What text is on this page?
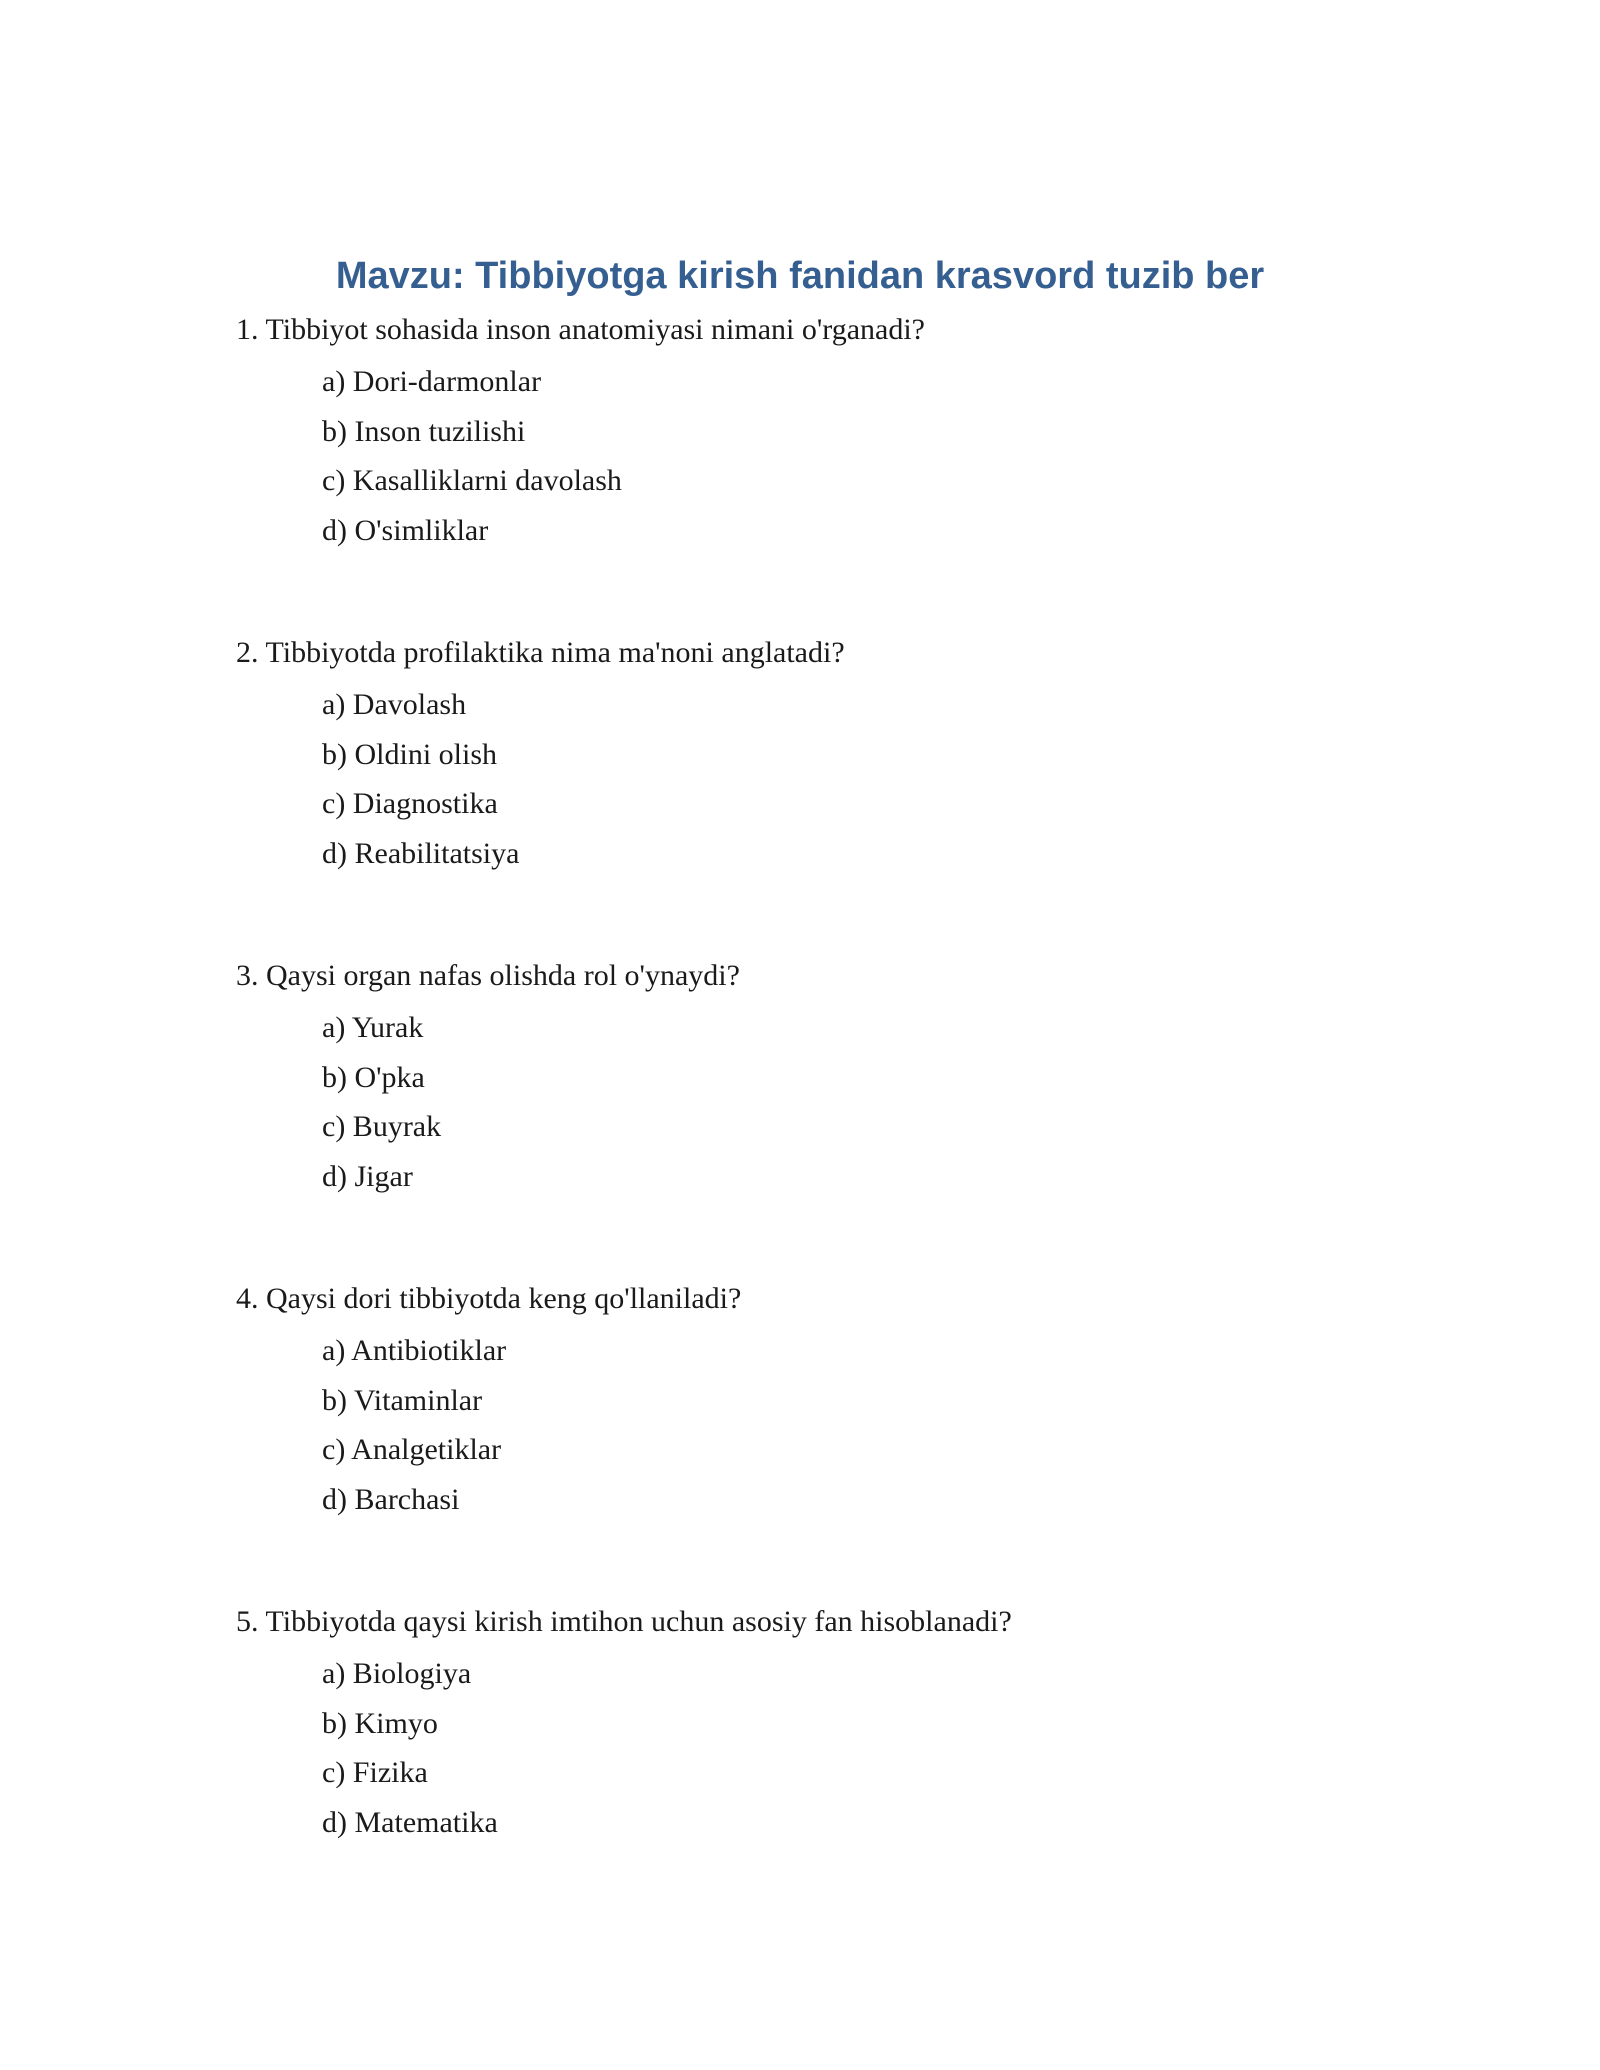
Mavzu: Tibbiyotga kirish fanidan krasvord tuzib ber

1. Tibbiyot sohasida inson anatomiyasi nimani o'rganadi?

a) Dori-darmonlar
b) Inson tuzilishi
c) Kasalliklarni davolash
d) O'simliklar

2. Tibbiyotda profilaktika nima ma'noni anglatadi?

a) Davolash
b) Oldini olish
c) Diagnostika
d) Reabilitatsiya

3. Qaysi organ nafas olishda rol o'ynaydi?

a) Yurak
b) O'pka
c) Buyrak
d) Jigar

4. Qaysi dori tibbiyotda keng qo'llaniladi?

a) Antibiotiklar
b) Vitaminlar
c) Analgetiklar
d) Barchasi

5. Tibbiyotda qaysi kirish imtihon uchun asosiy fan hisoblanadi?

a) Biologiya
b) Kimyo
c) Fizika
d) Matematika
